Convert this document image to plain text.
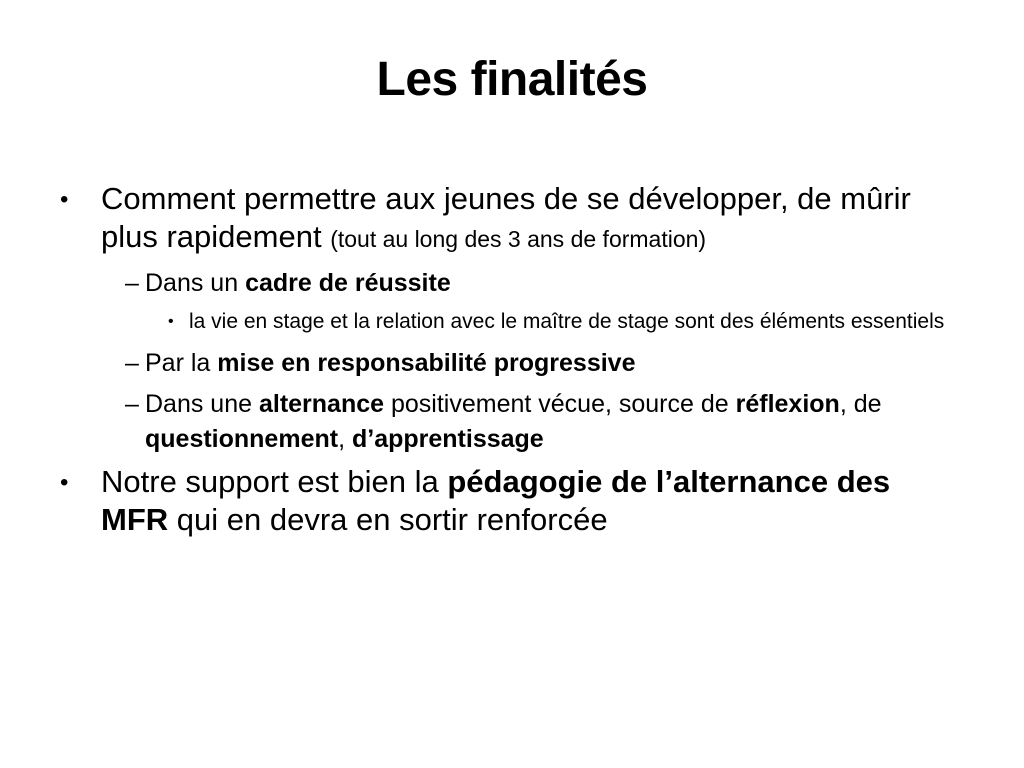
Les finalités
• Comment permettre aux jeunes de se développer, de mûrir plus rapidement (tout au long des 3 ans de formation)
– Dans un cadre de réussite
• la vie en stage et la relation avec le maître de stage sont des éléments essentiels
– Par la mise en responsabilité progressive
– Dans une alternance positivement vécue, source de réflexion, de questionnement, d’apprentissage
• Notre support est bien la pédagogie de l’alternance des MFR qui en devra en sortir renforcée
